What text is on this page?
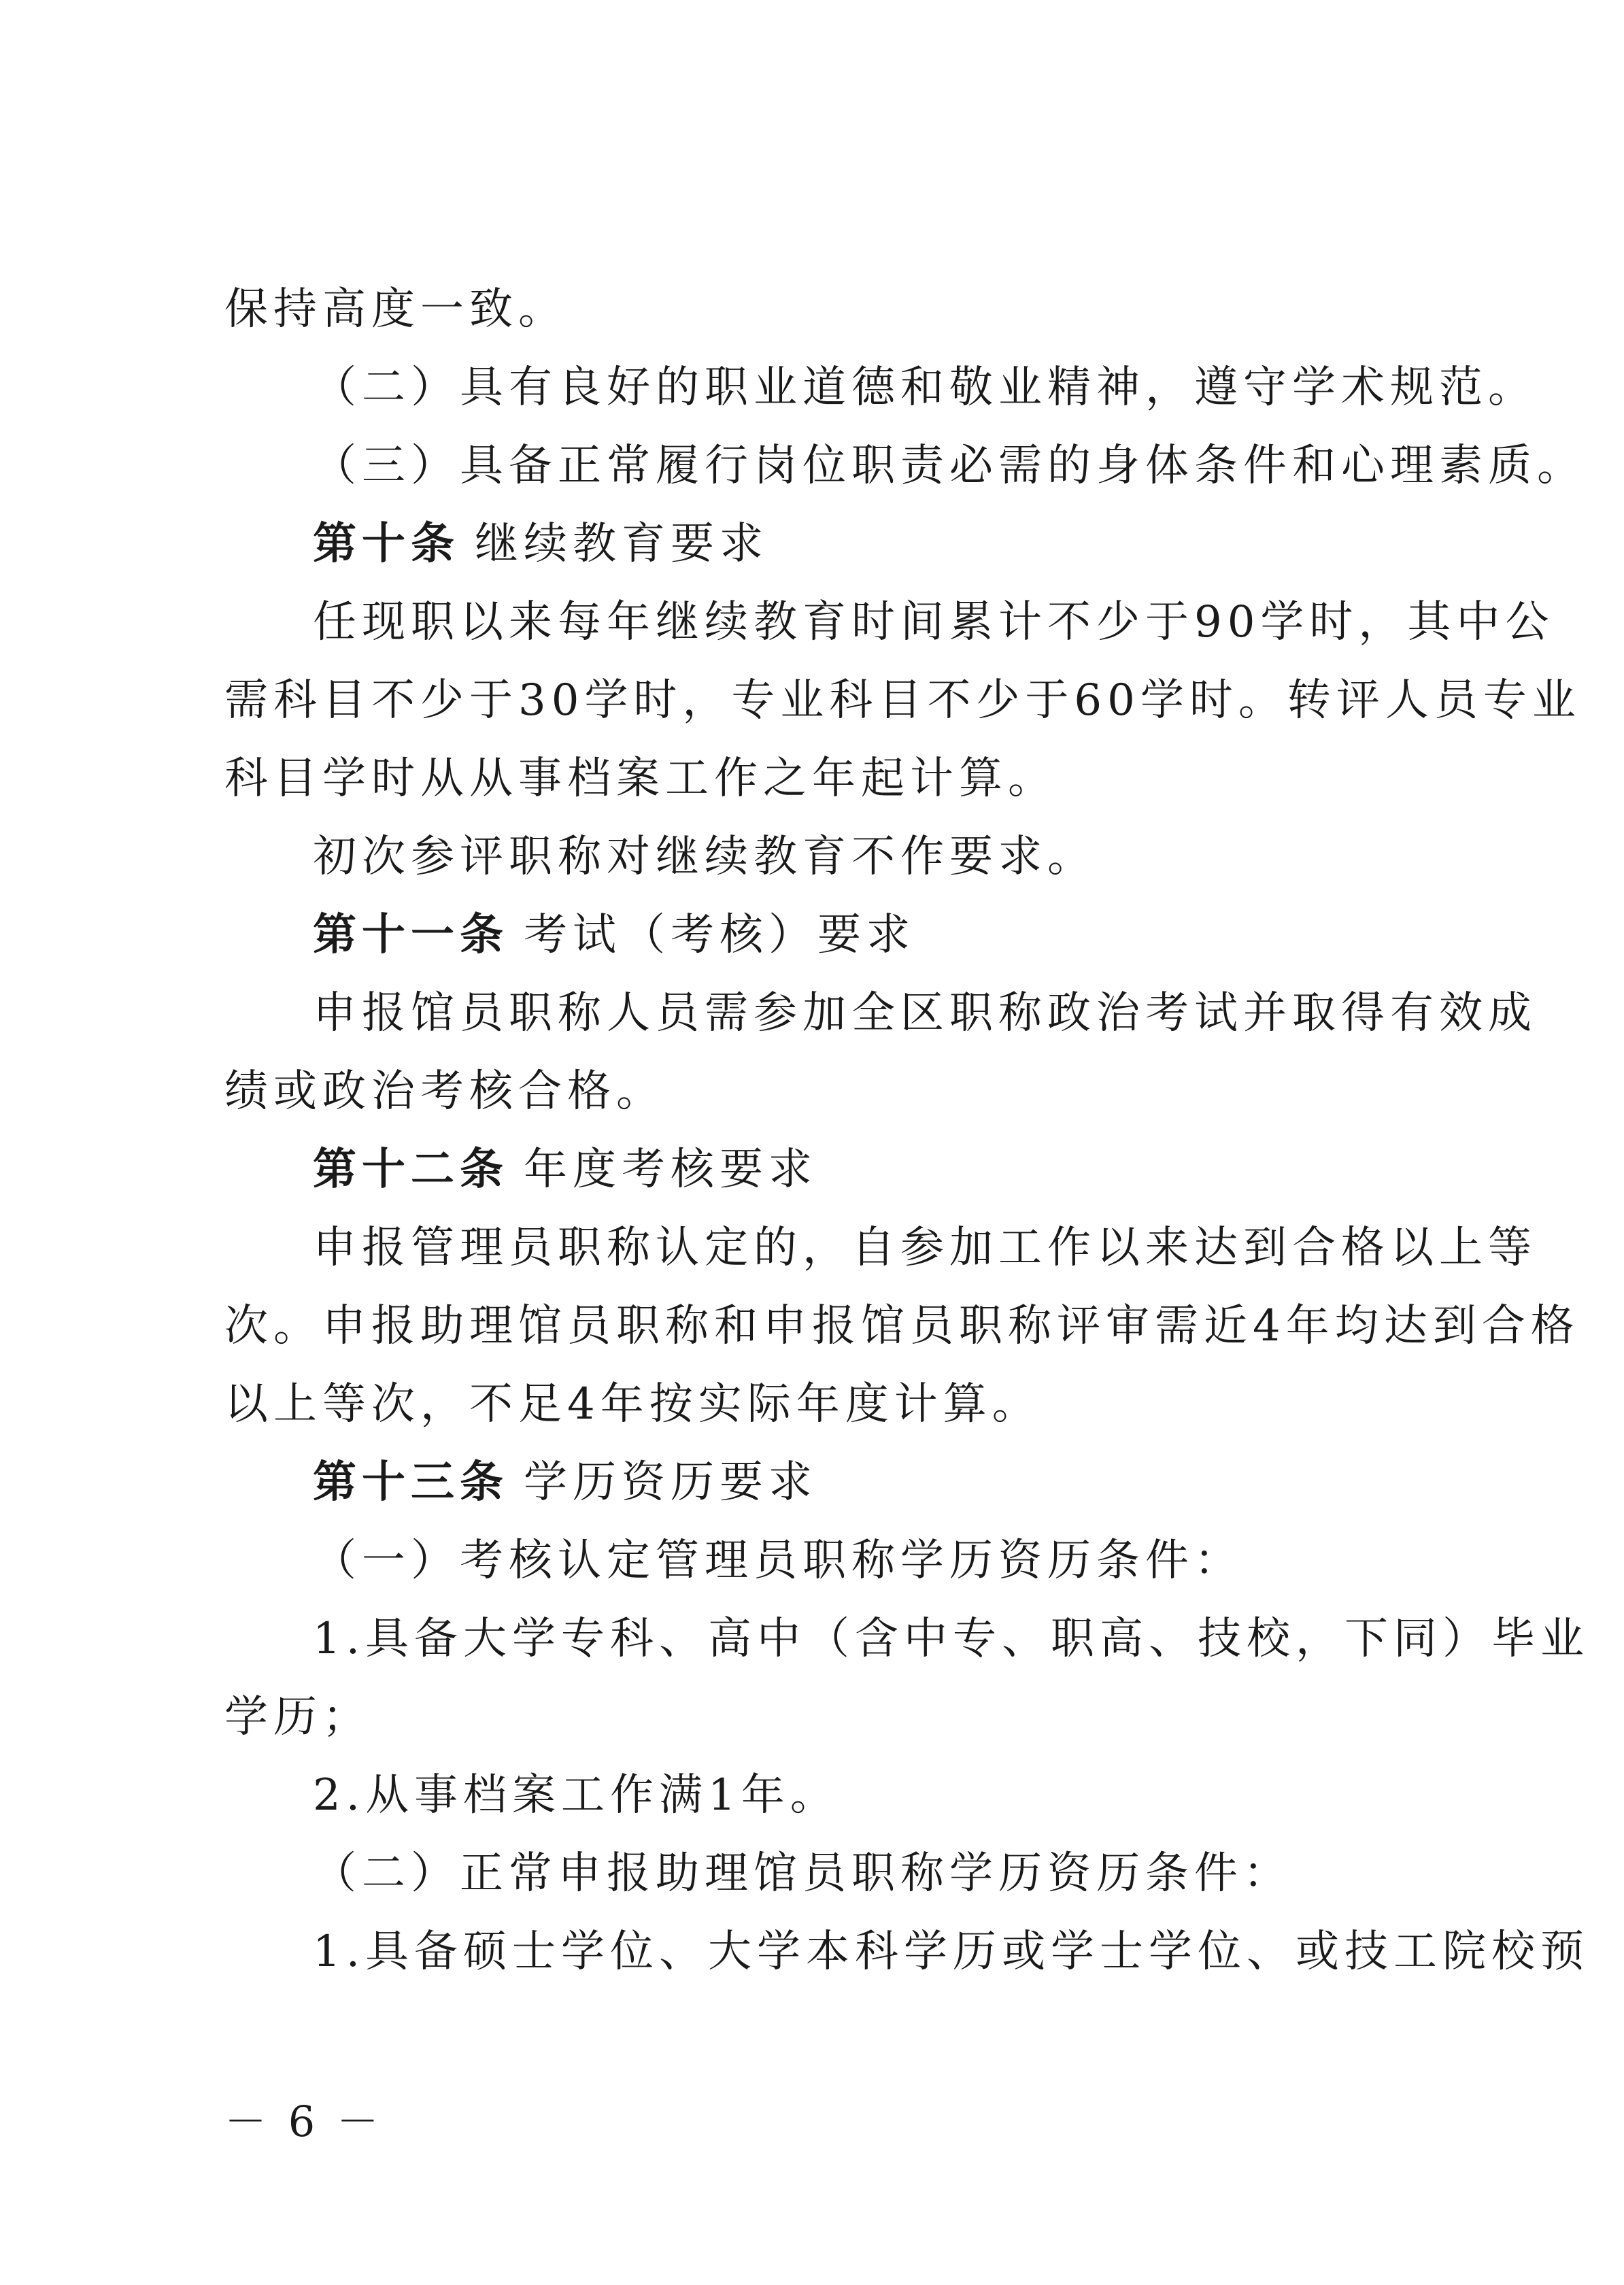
保持高度一致。
（二）具有良好的职业道德和敬业精神，遵守学术规范。
（三）具备正常履行岗位职责必需的身体条件和心理素质。
第十条 继续教育要求
任现职以来每年继续教育时间累计不少于90学时，其中公
需科目不少于30学时，专业科目不少于60学时。转评人员专业
科目学时从从事档案工作之年起计算。
初次参评职称对继续教育不作要求。
第十一条 考试（考核）要求
申报馆员职称人员需参加全区职称政治考试并取得有效成
绩或政治考核合格。
第十二条 年度考核要求
申报管理员职称认定的，自参加工作以来达到合格以上等
次。申报助理馆员职称和申报馆员职称评审需近4年均达到合格
以上等次，不足4年按实际年度计算。
第十三条 学历资历要求
（一）考核认定管理员职称学历资历条件：
1.具备大学专科、高中（含中专、职高、技校，下同）毕业
学历；
2.从事档案工作满1年。
（二）正常申报助理馆员职称学历资历条件：
1.具备硕士学位、大学本科学历或学士学位、或技工院校预
－ 6 －
